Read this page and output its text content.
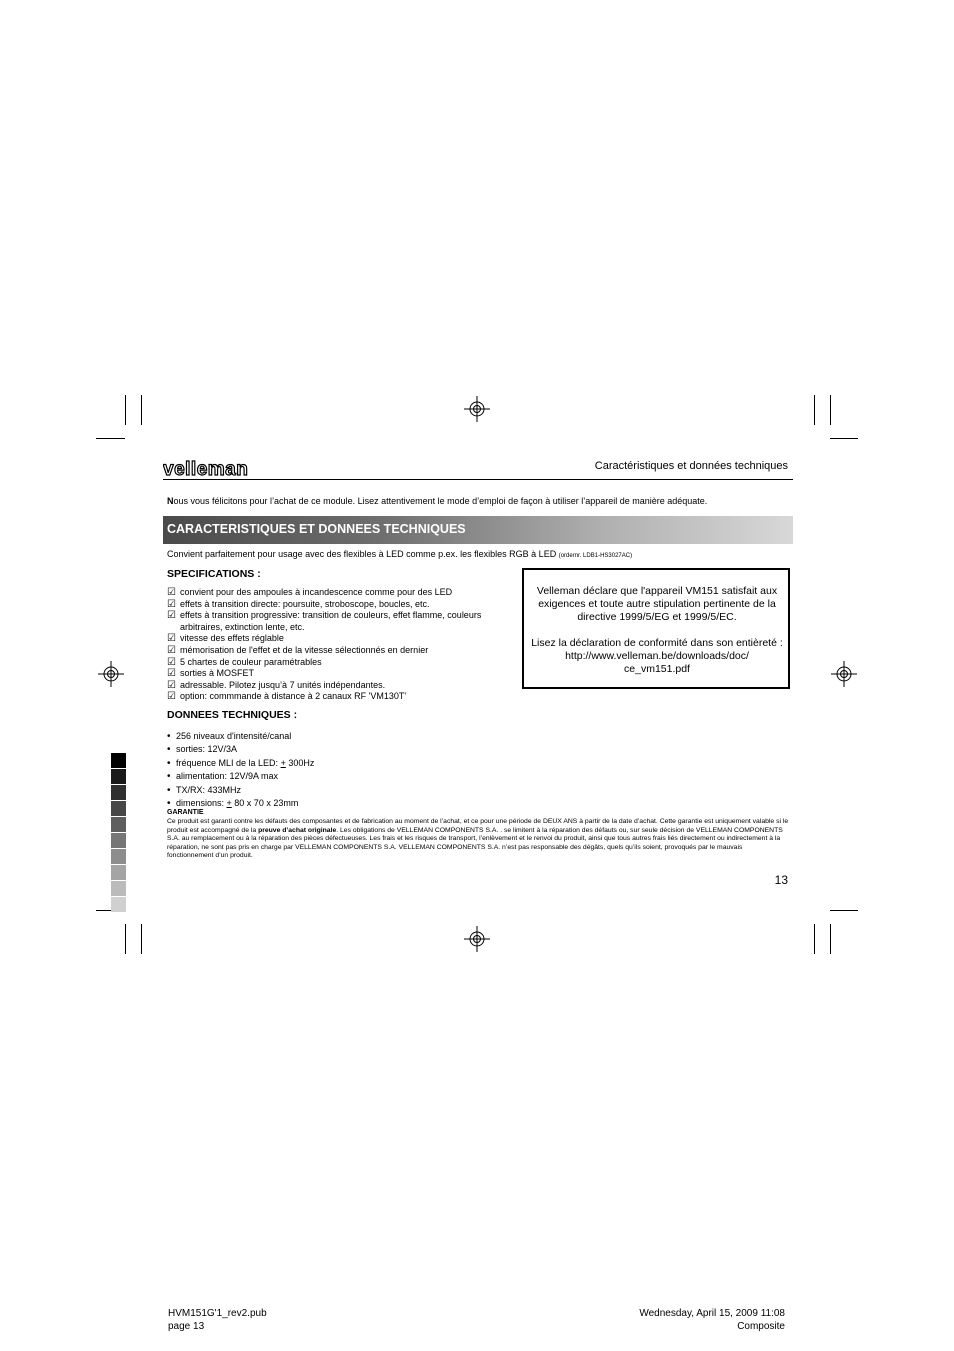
velleman	Caractéristiques et données techniques
Nous vous félicitons pour l’achat de ce module. Lisez attentivement le mode d’emploi de façon à utiliser l’appareil de manière adéquate.
CARACTERISTIQUES ET DONNEES TECHNIQUES
Convient parfaitement pour usage avec des flexibles à LED comme p.ex. les flexibles RGB à LED (ordernr. LDB1-HS3027AC)
SPECIFICATIONS :
☑ convient pour des ampoules à incandescence comme pour des LED
☑ effets à transition directe: poursuite, stroboscope, boucles, etc.
☑ effets à transition progressive: transition de couleurs, effet flamme, couleurs arbitraires, extinction lente, etc.
☑ vitesse des effets réglable
☑ mémorisation de l'effet et de la vitesse sélectionnés en dernier
☑ 5 chartes de couleur paramétrables
☑ sorties à MOSFET
☑ adressable. Pilotez jusqu’à 7 unités indépendantes.
☑ option: commmande à distance à 2 canaux RF 'VM130T'
Velleman déclare que l'appareil VM151 satisfait aux exigences et toute autre stipulation pertinente de la directive 1999/5/EG et 1999/5/EC.
Lisez la déclaration de conformité dans son entièreté :
http://www.velleman.be/downloads/doc/
ce_vm151.pdf
DONNEES TECHNIQUES :
• 256 niveaux d'intensité/canal
• sorties: 12V/3A
• fréquence MLI de la LED: + 300Hz
• alimentation: 12V/9A max
• TX/RX: 433MHz
• dimensions: + 80 x 70 x 23mm
GARANTIE
Ce produit est garanti contre les défauts des composantes et de fabrication au moment de l’achat, et ce pour une période de DEUX ANS à partir de la date d’achat. Cette garantie est uniquement valable si le produit est accompagné de la preuve d’achat originale. Les obligations de VELLEMAN COMPONENTS S.A. . se limitent à la réparation des défauts ou, sur seule décision de VELLEMAN COMPONENTS S.A. au remplacement ou à la réparation des pièces défectueuses. Les frais et les risques de transport, l’enlèvement et le renvoi du produit, ainsi que tous autres frais liés directement ou indirectement à la réparation, ne sont pas pris en charge par VELLEMAN COMPONENTS S.A. VELLEMAN COMPONENTS S.A. n’est pas responsable des dégâts, quels qu’ils soient, provoqués par le mauvais fonctionnement d’un produit.
13
HVM151G'1_rev2.pub
page 13
Wednesday, April 15, 2009 11:08
Composite
